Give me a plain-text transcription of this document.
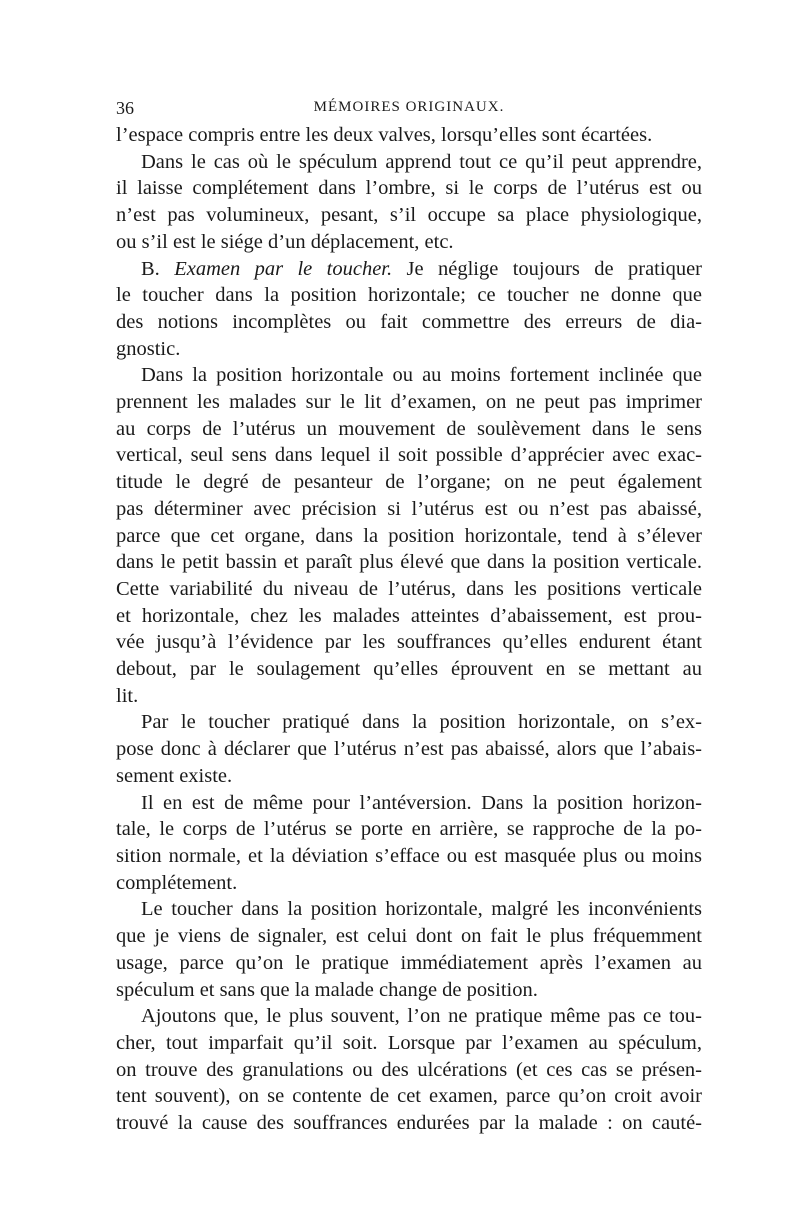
36	MÉMOIRES ORIGINAUX.

l’espace compris entre les deux valves, lorsqu’elles sont écartées.

Dans le cas où le spéculum apprend tout ce qu’il peut apprendre,
il laisse complétement dans l’ombre, si le corps de l’utérus est ou
n’est pas volumineux, pesant, s’il occupe sa place physiologique,
ou s’il est le siége d’un déplacement, etc.

B. Examen par le toucher. Je néglige toujours de pratiquer
le toucher dans la position horizontale; ce toucher ne donne que
des notions incomplètes ou fait commettre des erreurs de dia-
gnostic.

Dans la position horizontale ou au moins fortement inclinée que
prennent les malades sur le lit d’examen, on ne peut pas imprimer
au corps de l’utérus un mouvement de soulèvement dans le sens
vertical, seul sens dans lequel il soit possible d’apprécier avec exac-
titude le degré de pesanteur de l’organe; on ne peut également
pas déterminer avec précision si l’utérus est ou n’est pas abaissé,
parce que cet organe, dans la position horizontale, tend à s’élever
dans le petit bassin et paraît plus élevé que dans la position verticale.
Cette variabilité du niveau de l’utérus, dans les positions verticale
et horizontale, chez les malades atteintes d’abaissement, est prou-
vée jusqu’à l’évidence par les souffrances qu’elles endurent étant
debout, par le soulagement qu’elles éprouvent en se mettant au
lit.

Par le toucher pratiqué dans la position horizontale, on s’ex-
pose donc à déclarer que l’utérus n’est pas abaissé, alors que l’abais-
sement existe.

Il en est de même pour l’antéversion. Dans la position horizon-
tale, le corps de l’utérus se porte en arrière, se rapproche de la po-
sition normale, et la déviation s’efface ou est masquée plus ou moins
complétement.

Le toucher dans la position horizontale, malgré les inconvénients
que je viens de signaler, est celui dont on fait le plus fréquemment
usage, parce qu’on le pratique immédiatement après l’examen au
spéculum et sans que la malade change de position.

Ajoutons que, le plus souvent, l’on ne pratique même pas ce tou-
cher, tout imparfait qu’il soit. Lorsque par l’examen au spéculum,
on trouve des granulations ou des ulcérations (et ces cas se présen-
tent souvent), on se contente de cet examen, parce qu’on croit avoir
trouvé la cause des souffrances endurées par la malade : on cauté-
